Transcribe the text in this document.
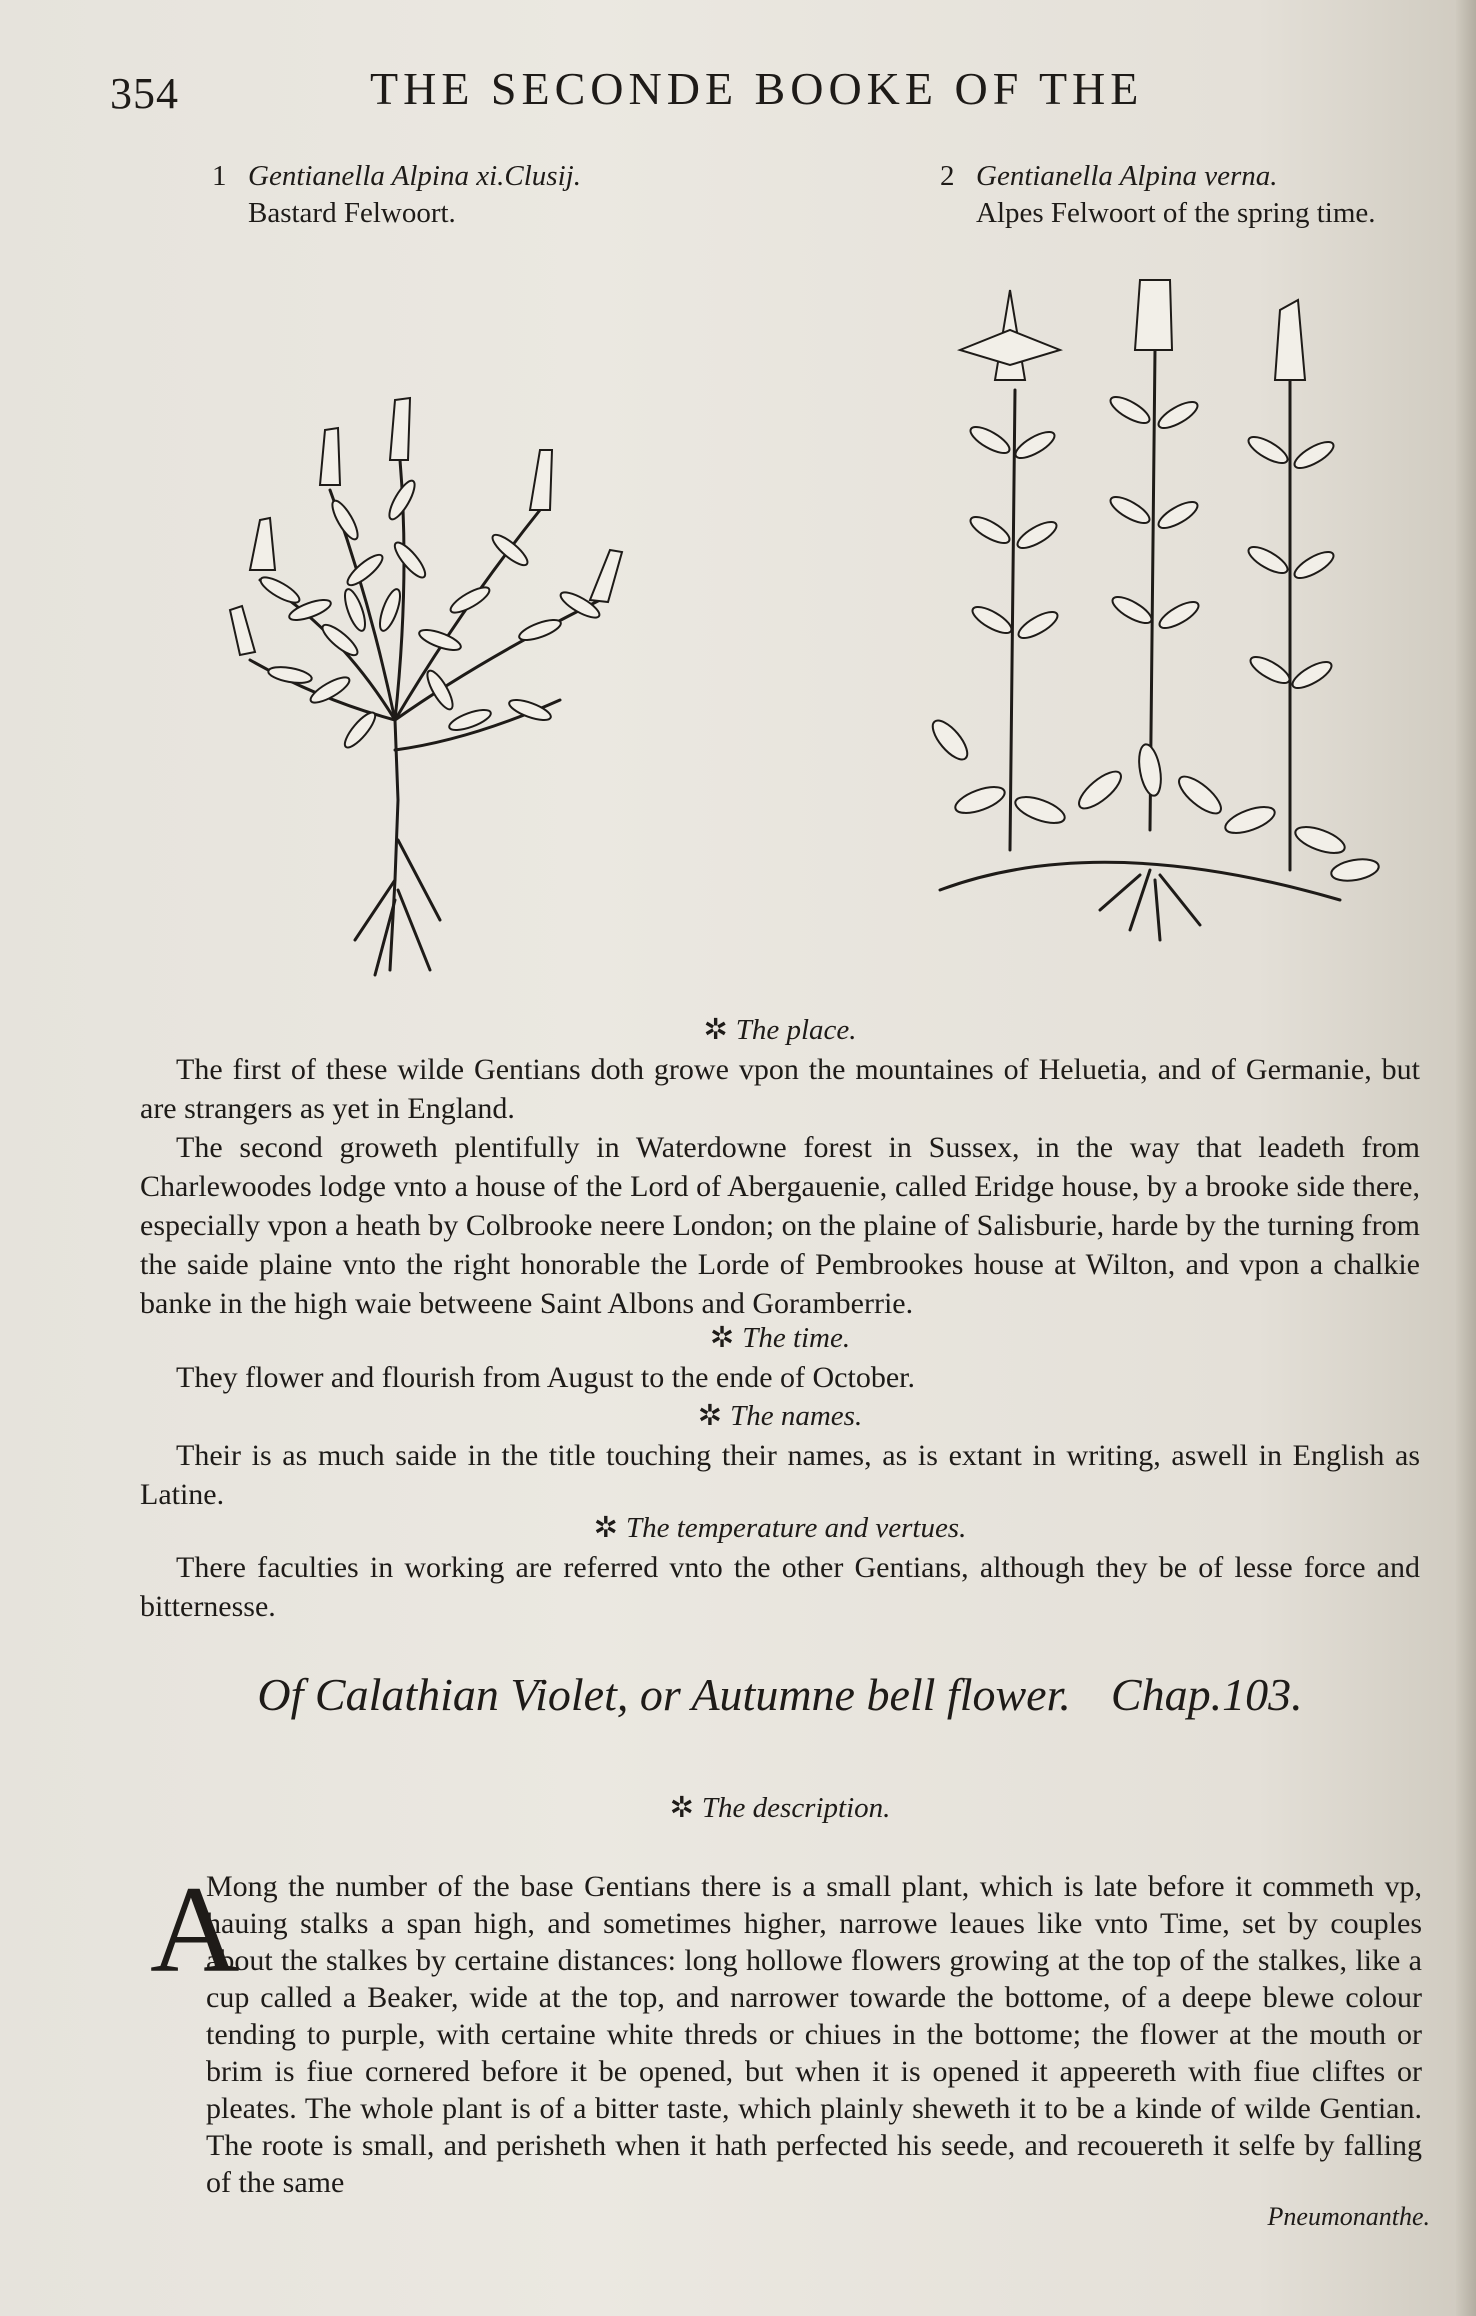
354	THE SECONDE BOOKE OF THE
1 Gentianella Alpina xi.Clusij.
Bastard Felwoort.
2 Gentianella Alpina verna.
Alpes Felwoort of the spring time.
✲ The place.
The first of these wilde Gentians doth growe vpon the mountaines of Heluetia, and of Germanie, but are strangers as yet in England.
The second groweth plentifully in Waterdowne forest in Sussex, in the way that leadeth from Charlewoodes lodge vnto a house of the Lord of Abergauenie, called Eridge house, by a brooke side there, especially vpon a heath by Colbrooke neere London; on the plaine of Salisburie, harde by the turning from the saide plaine vnto the right honorable the Lorde of Pembrookes house at Wilton, and vpon a chalkie banke in the high waie betweene Saint Albons and Goramberrie.
✲ The time.
They flower and flourish from August to the ende of October.
✲ The names.
Their is as much saide in the title touching their names, as is extant in writing, aswell in English as Latine.
✲ The temperature and vertues.
There faculties in working are referred vnto the other Gentians, although they be of lesse force and bitternesse.
Of Calathian Violet, or Autumne bell flower. Chap.103.
✲ The description.
A
Mong the number of the base Gentians there is a small plant, which is late before it commeth vp, hauing stalks a span high, and sometimes higher, narrowe leaues like vnto Time, set by couples about the stalkes by certaine distances: long hollowe flowers growing at the top of the stalkes, like a cup called a Beaker, wide at the top, and narrower towarde the bottome, of a deepe blewe colour tending to purple, with certaine white threds or chiues in the bottome; the flower at the mouth or brim is fiue cornered before it be opened, but when it is opened it appeereth with fiue cliftes or pleates. The whole plant is of a bitter taste, which plainly sheweth it to be a kinde of wilde Gentian. The roote is small, and perisheth when it hath perfected his seede, and recouereth it selfe by falling of the same
Pneumonanthe.
